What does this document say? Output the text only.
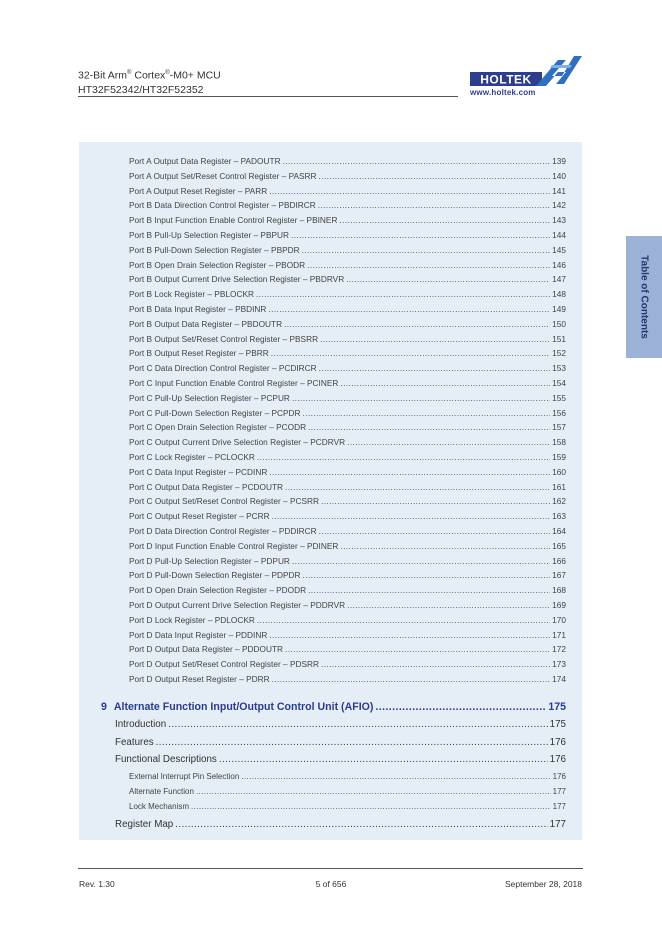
32-Bit Arm® Cortex®-M0+ MCU
HT32F52342/HT32F52352
HOLTEK
www.holtek.com
Table of Contents
Port A Output Data Register – PADOUTR .....	139
Port A Output Set/Reset Control Register – PASRR .....	140
Port A Output Reset Register – PARR .....	141
Port B Data Direction Control Register – PBDIRCR .....	142
Port B Input Function Enable Control Register – PBINER .....	143
Port B Pull-Up Selection Register – PBPUR .....	144
Port B Pull-Down Selection Register – PBPDR .....	145
Port B Open Drain Selection Register – PBODR .....	146
Port B Output Current Drive Selection Register – PBDRVR .....	147
Port B Lock Register – PBLOCKR .....	148
Port B Data Input Register – PBDINR .....	149
Port B Output Data Register – PBDOUTR .....	150
Port B Output Set/Reset Control Register – PBSRR .....	151
Port B Output Reset Register – PBRR .....	152
Port C Data Direction Control Register – PCDIRCR .....	153
Port C Input Function Enable Control Register – PCINER .....	154
Port C Pull-Up Selection Register – PCPUR .....	155
Port C Pull-Down Selection Register – PCPDR .....	156
Port C Open Drain Selection Register – PCODR .....	157
Port C Output Current Drive Selection Register – PCDRVR .....	158
Port C Lock Register – PCLOCKR .....	159
Port C Data Input Register – PCDINR .....	160
Port C Output Data Register – PCDOUTR .....	161
Port C Output Set/Reset Control Register – PCSRR .....	162
Port C Output Reset Register – PCRR .....	163
Port D Data Direction Control Register – PDDIRCR .....	164
Port D Input Function Enable Control Register – PDINER .....	165
Port D Pull-Up Selection Register – PDPUR .....	166
Port D Pull-Down Selection Register – PDPDR .....	167
Port D Open Drain Selection Register – PDODR .....	168
Port D Output Current Drive Selection Register – PDDRVR .....	169
Port D Lock Register – PDLOCKR .....	170
Port D Data Input Register – PDDINR .....	171
Port D Output Data Register – PDDOUTR .....	172
Port D Output Set/Reset Control Register – PDSRR .....	173
Port D Output Reset Register – PDRR .....	174
9 Alternate Function Input/Output Control Unit (AFIO) .....	175
Introduction .....	175
Features .....	176
Functional Descriptions .....	176
External Interrupt Pin Selection .....	176
Alternate Function .....	177
Lock Mechanism .....	177
Register Map .....	177
Rev. 1.30	5 of 656	September 28, 2018
